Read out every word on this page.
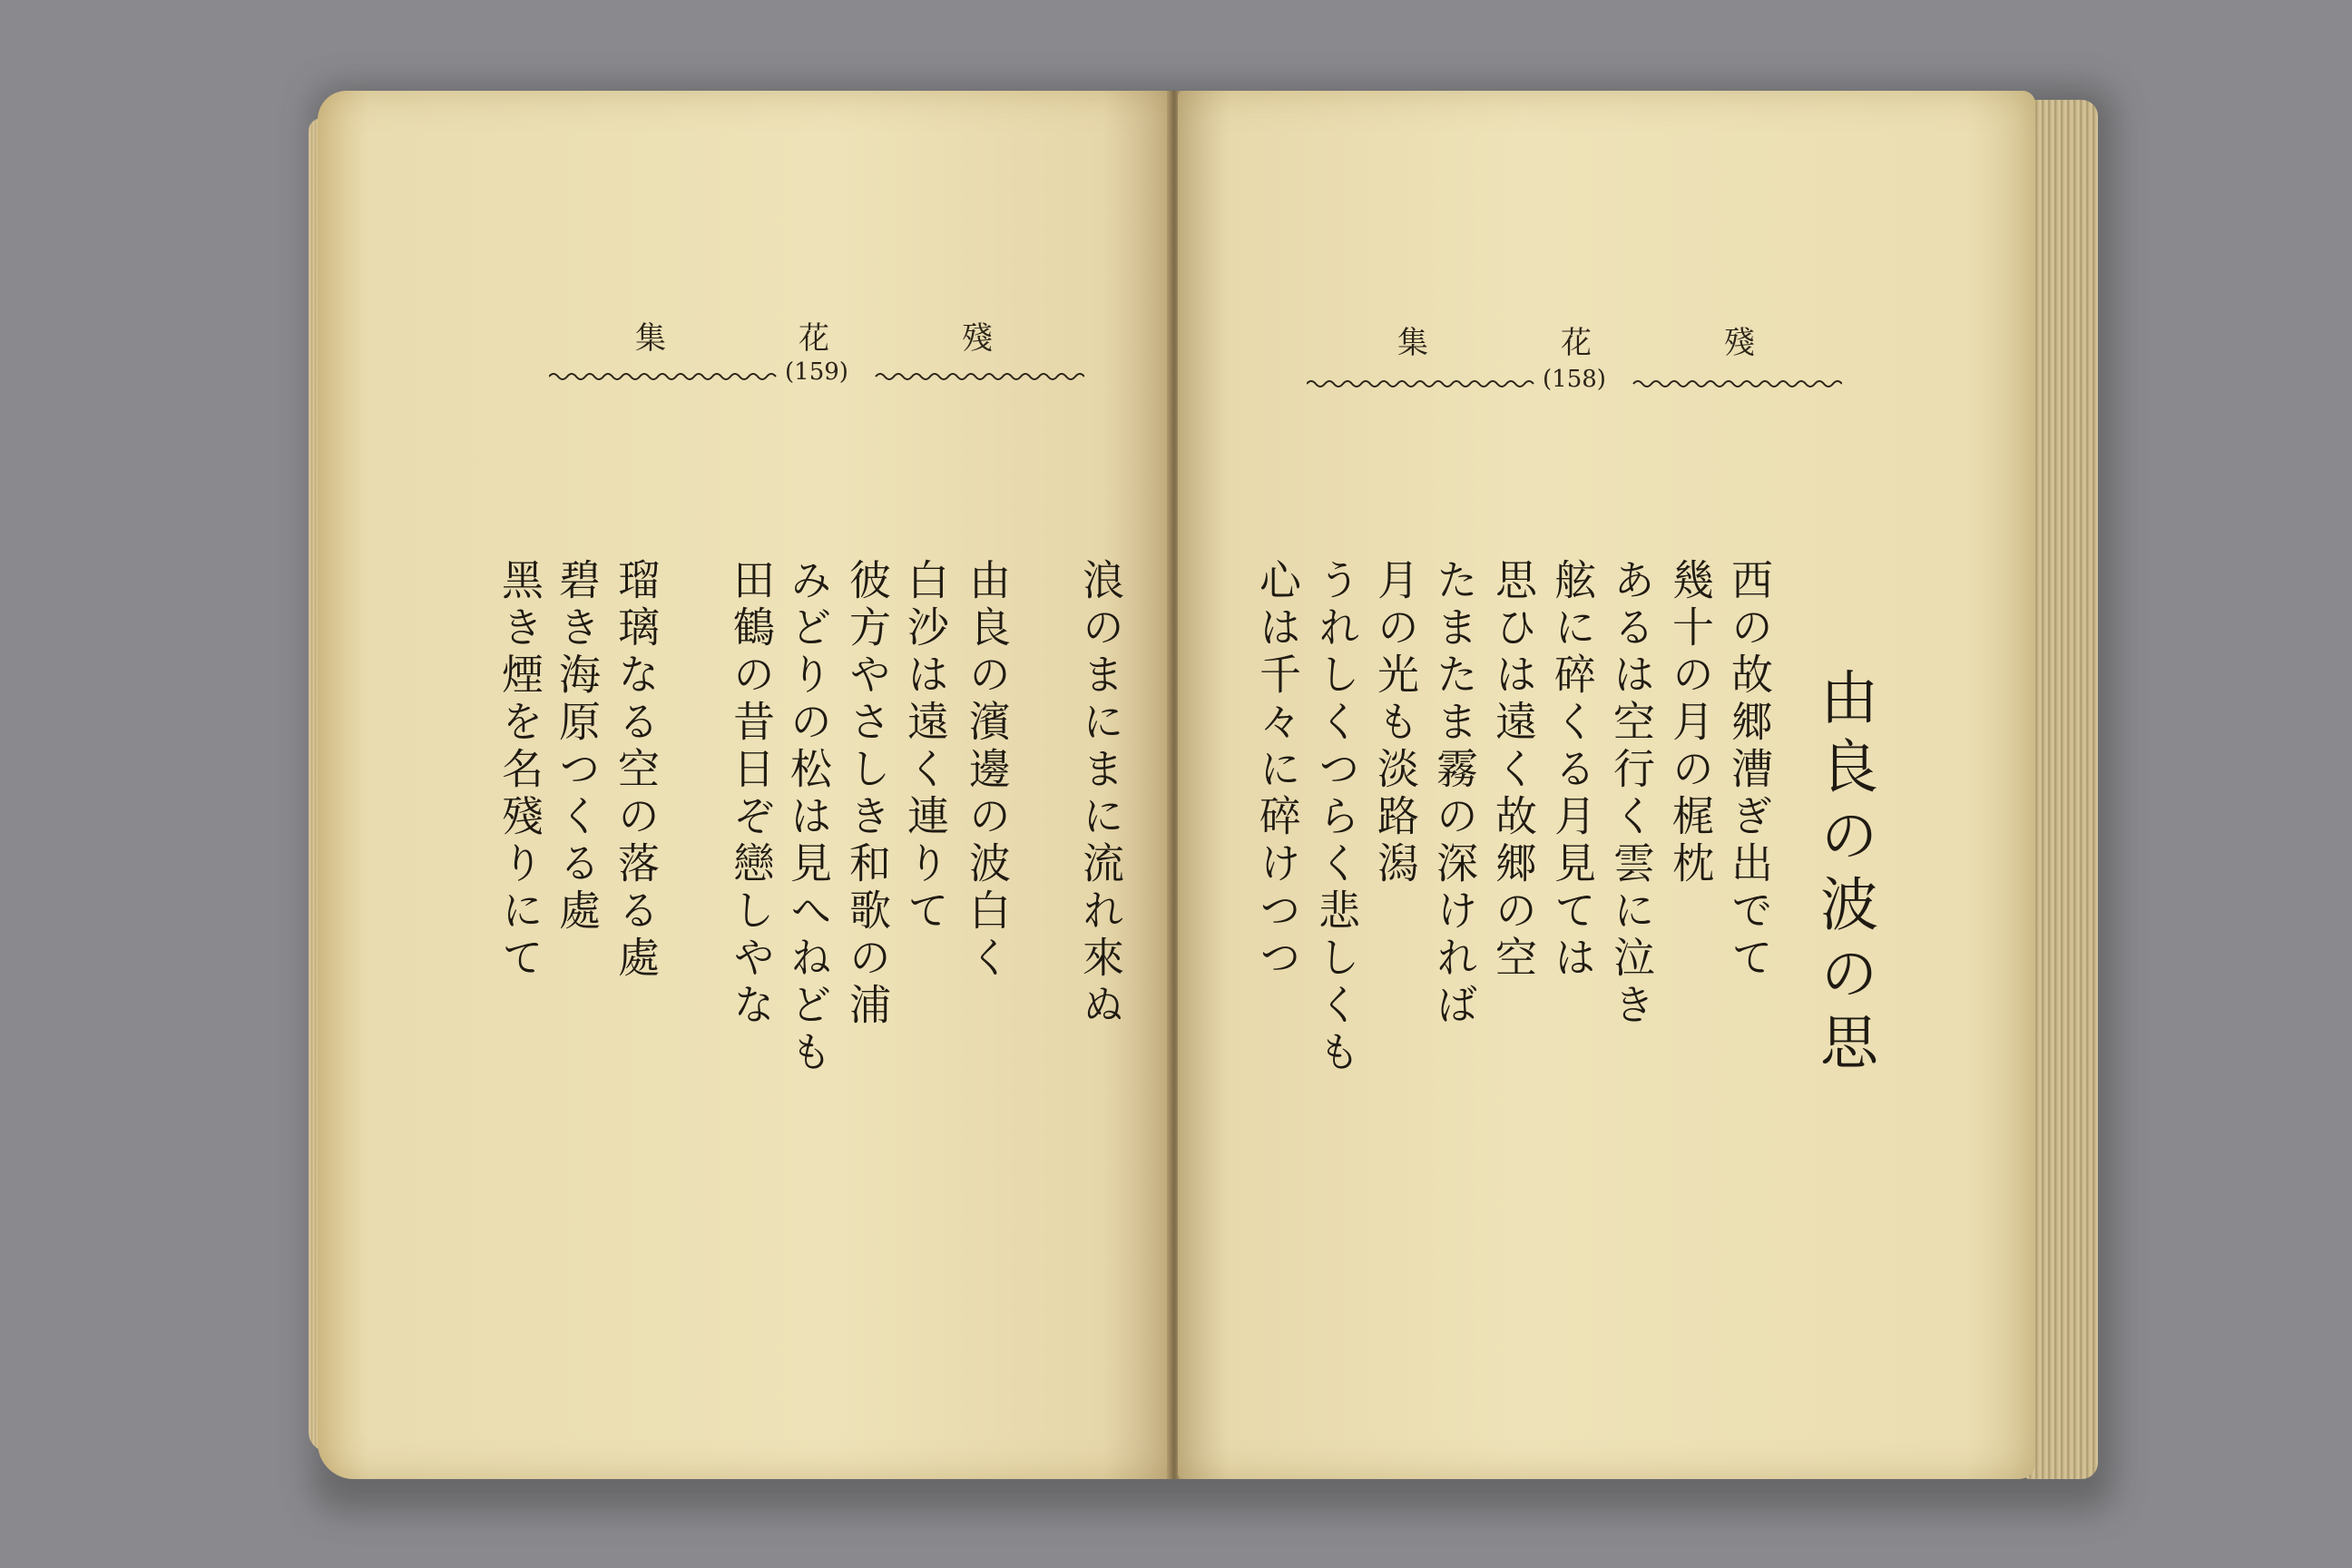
集	花	殘
(159)
浪のまにまに流れ來ぬ
由良の濱邊の波白く
白沙は遠く連りて
彼方やさしき和歌の浦
みどりの松は見へねども
田鶴の昔日ぞ戀しやな
瑠璃なる空の落る處
碧き海原つくる處
黑き煙を名殘りにて
集	花	殘
(158)
由良の波の思
西の故郷漕ぎ出でて
幾十の月の梶枕
あるは空行く雲に泣き
舷に碎くる月見ては
思ひは遠く故郷の空
たまたま霧の深ければ
月の光も淡路潟
うれしくつらく悲しくも
心は千々に碎けつつ
